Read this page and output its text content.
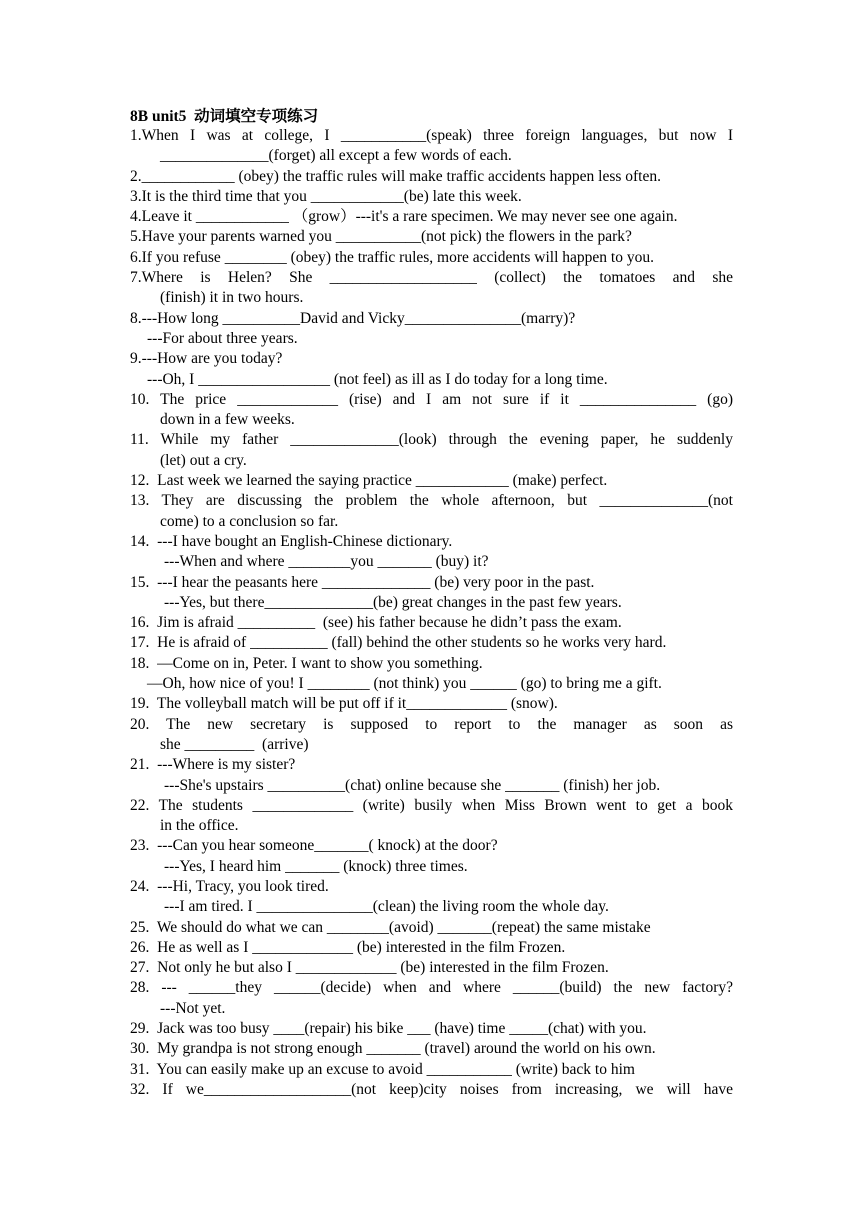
8B unit5  动词填空专项练习
1.When I was at college, I ___________(speak) three foreign languages, but now I
______________(forget) all except a few words of each.
2.____________ (obey) the traffic rules will make traffic accidents happen less often.
3.It is the third time that you ____________(be) late this week.
4.Leave it ____________ （grow）---it's a rare specimen. We may never see one again.
5.Have your parents warned you ___________(not pick) the flowers in the park?
6.If you refuse ________ (obey) the traffic rules, more accidents will happen to you.
7.Where is Helen? She ___________________ (collect) the tomatoes and she
(finish) it in two hours.
8.---How long __________David and Vicky_______________(marry)?
---For about three years.
9.---How are you today?
---Oh, I _________________ (not feel) as ill as I do today for a long time.
10. The price _____________ (rise) and I am not sure if it _______________ (go)
down in a few weeks.
11. While my father ______________(look) through the evening paper, he suddenly
(let) out a cry.
12.  Last week we learned the saying practice ____________ (make) perfect.
13. They are discussing the problem the whole afternoon, but ______________(not
come) to a conclusion so far.
14.  ---I have bought an English-Chinese dictionary.
---When and where ________you _______ (buy) it?
15.  ---I hear the peasants here ______________ (be) very poor in the past.
---Yes, but there______________(be) great changes in the past few years.
16.  Jim is afraid __________  (see) his father because he didn’t pass the exam.
17.  He is afraid of __________ (fall) behind the other students so he works very hard.
18.  —Come on in, Peter. I want to show you something.
—Oh, how nice of you! I ________ (not think) you ______ (go) to bring me a gift.
19.  The volleyball match will be put off if it_____________ (snow).
20. The new secretary is supposed to report to the manager as soon as
she _________  (arrive)
21.  ---Where is my sister?
---She's upstairs __________(chat) online because she _______ (finish) her job.
22. The students _____________ (write) busily when Miss Brown went to get a book
in the office.
23.  ---Can you hear someone_______( knock) at the door?
---Yes, I heard him _______ (knock) three times.
24.  ---Hi, Tracy, you look tired.
---I am tired. I _______________(clean) the living room the whole day.
25.  We should do what we can ________(avoid) _______(repeat) the same mistake
26.  He as well as I _____________ (be) interested in the film Frozen.
27.  Not only he but also I _____________ (be) interested in the film Frozen.
28. --- ______they ______(decide) when and where ______(build) the new factory?
---Not yet.
29.  Jack was too busy ____(repair) his bike ___ (have) time _____(chat) with you.
30.  My grandpa is not strong enough _______ (travel) around the world on his own.
31.  You can easily make up an excuse to avoid ___________ (write) back to him
32. If we___________________(not keep)city noises from increasing, we will have
